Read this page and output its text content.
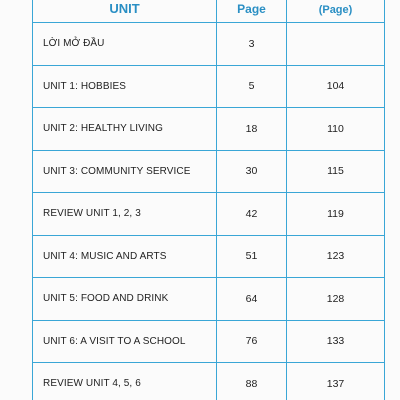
UNIT	Page	(Page)

LỜI MỞ ĐẦU	3	
UNIT 1: HOBBIES	5	104
UNIT 2: HEALTHY LIVING	18	110
UNIT 3: COMMUNITY SERVICE	30	115
REVIEW UNIT 1, 2, 3	42	119
UNIT 4: MUSIC AND ARTS	51	123
UNIT 5: FOOD AND DRINK	64	128
UNIT 6: A VISIT TO A SCHOOL	76	133
REVIEW UNIT 4, 5, 6	88	137
